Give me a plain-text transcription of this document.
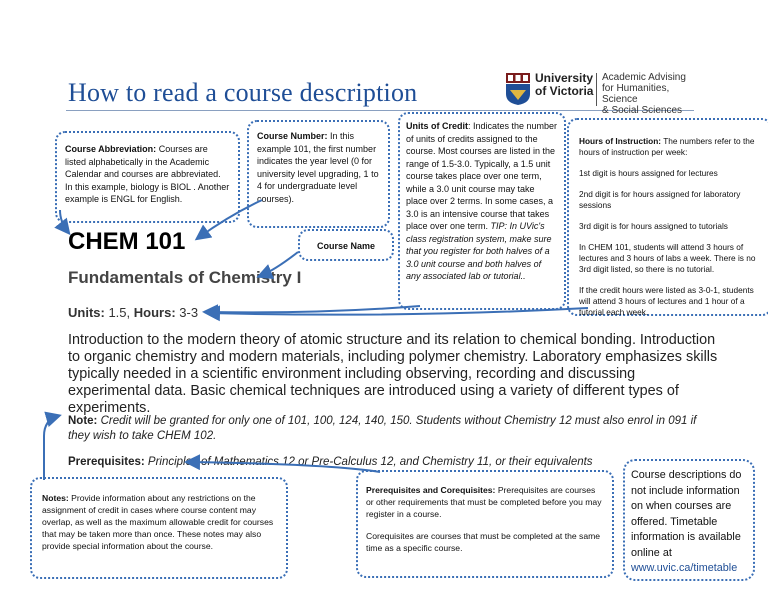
How to read a course description	University
of Victoria
Academic Advising
for Humanities, Science
& Social Sciences
Course Abbreviation: Courses are listed alphabetically in the Academic Calendar and courses are abbreviated. In this example, biology is BIOL . Another example is ENGL for English.
Course Number: In this example 101, the first number indicates the year level (0 for university level upgrading, 1 to 4 for undergraduate level courses).
Units of Credit: Indicates the number of units of credits assigned to the course. Most courses are listed in the range of 1.5-3.0. Typically, a 1.5 unit course takes place over one term, while a 3.0 unit course may take place over 2 terms. In some cases, a 3.0 is an intensive course that takes place over one term. TIP: In UVic's class registration system, make sure that you register for both halves of a 3.0 unit course and both halves of any associated lab or tutorial..
Hours of Instruction: The numbers refer to the hours of instruction per week:
1st digit is hours assigned for lectures
2nd digit is for hours assigned for laboratory sessions
3rd digit is for hours assigned to tutorials
In CHEM 101, students will attend 3 hours of lectures and 3 hours of labs a week. There is no 3rd digit listed, so there is no tutorial.
If the credit hours were listed as 3-0-1, students will attend 3 hours of lectures and 1 hour of a tutorial each week.
Course Name
CHEM 101
Fundamentals of Chemistry I
Units: 1.5, Hours: 3-3
Introduction to the modern theory of atomic structure and its relation to chemical bonding. Introduction to organic chemistry and modern materials, including polymer chemistry. Laboratory emphasizes skills typically needed in a scientific environment including observing, recording and discussing experimental data. Basic chemical techniques are introduced using a variety of different types of experiments.
Note: Credit will be granted for only one of 101, 100, 124, 140, 150. Students without Chemistry 12 must also enrol in 091 if they wish to take CHEM 102.
Prerequisites: Principles of Mathematics 12 or Pre-Calculus 12, and Chemistry 11, or their equivalents
Notes: Provide information about any restrictions on the assignment of credit in cases where course content may overlap, as well as the maximum allowable credit for courses that may be taken more than once. These notes may also provide special information about the course.
Prerequisites and Corequisites: Prerequisites are courses or other requirements that must be completed before you may register in a course.
Corequisites are courses that must be completed at the same time as a specific course.
Course descriptions do not include information on when courses are offered. Timetable information is available online at www.uvic.ca/timetable
